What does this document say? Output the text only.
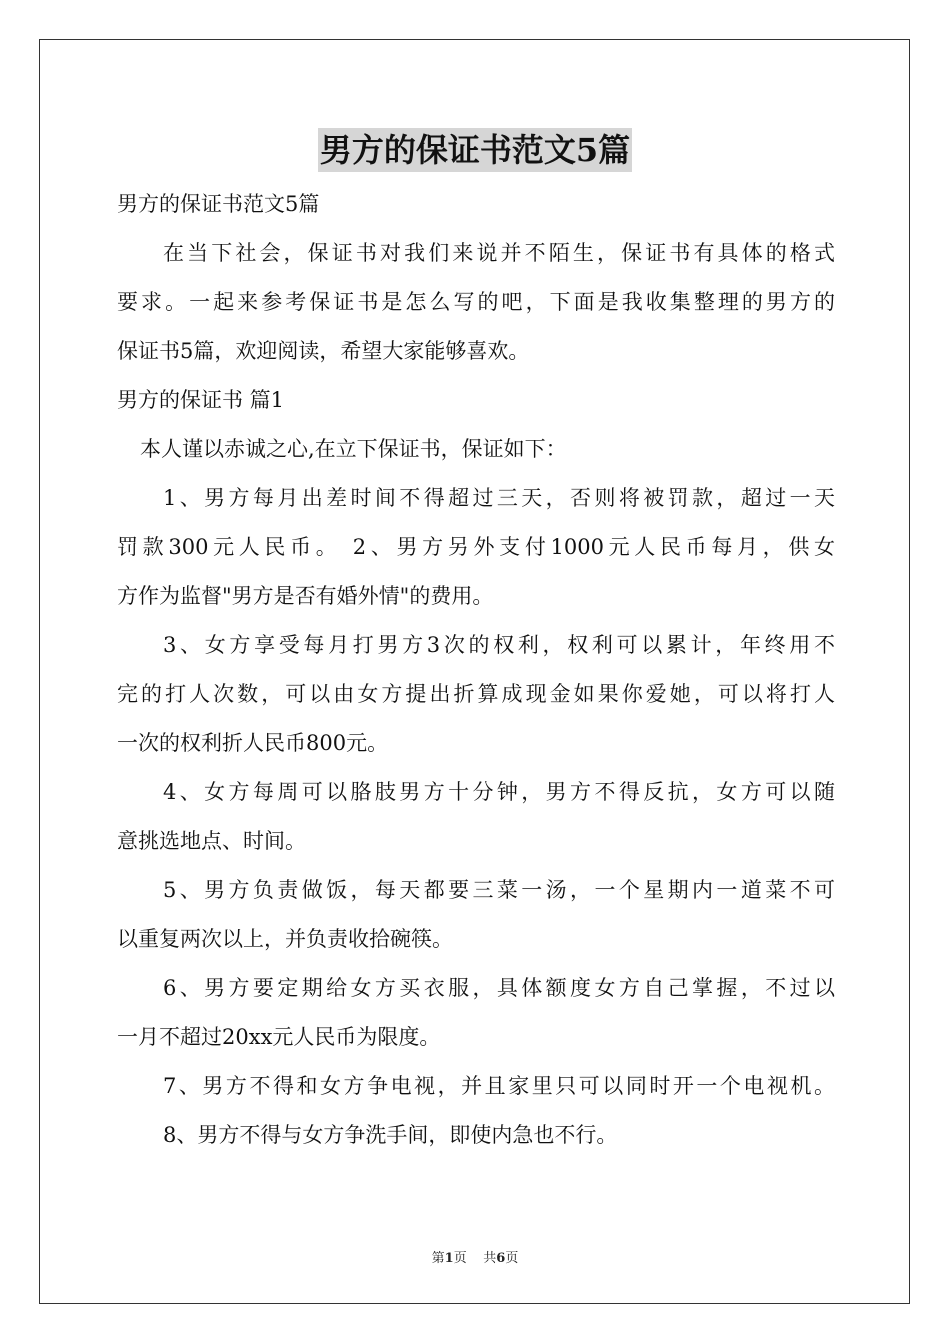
男方的保证书范文5篇
男方的保证书范文5篇
在当下社会，保证书对我们来说并不陌生，保证书有具体的格式
要求。一起来参考保证书是怎么写的吧，下面是我收集整理的男方的
保证书5篇，欢迎阅读，希望大家能够喜欢。
男方的保证书 篇1
本人谨以赤诚之心,在立下保证书，保证如下：
1、男方每月出差时间不得超过三天，否则将被罚款，超过一天
罚款300元人民币。 2、男方另外支付1000元人民币每月，供女
方作为监督"男方是否有婚外情"的费用。
3、女方享受每月打男方3次的权利，权利可以累计，年终用不
完的打人次数，可以由女方提出折算成现金如果你爱她，可以将打人
一次的权利折人民币800元。
4、女方每周可以胳肢男方十分钟，男方不得反抗，女方可以随
意挑选地点、时间。
5、男方负责做饭，每天都要三菜一汤，一个星期内一道菜不可
以重复两次以上，并负责收拾碗筷。
6、男方要定期给女方买衣服，具体额度女方自己掌握，不过以
一月不超过20xx元人民币为限度。
7、男方不得和女方争电视，并且家里只可以同时开一个电视机。
8、男方不得与女方争洗手间，即使内急也不行。
第1页 共6页
